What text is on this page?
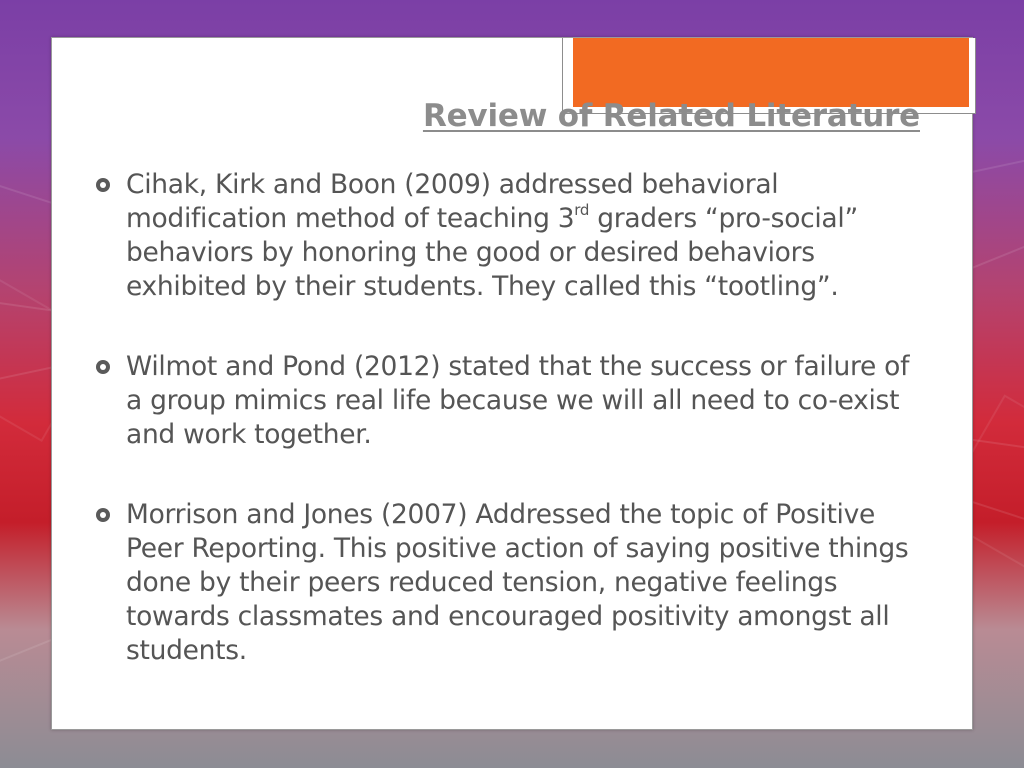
Review of Related Literature
Cihak, Kirk and Boon (2009) addressed behavioral modification method of teaching 3rd graders “pro-social” behaviors by honoring the good or desired behaviors exhibited by their students. They called this “tootling”.
Wilmot and Pond (2012) stated that the success or failure of a group mimics real life because we will all need to co-exist and work together.
Morrison and Jones (2007) Addressed the topic of Positive Peer Reporting. This positive action of saying positive things done by their peers reduced tension, negative feelings towards classmates and encouraged positivity amongst all students.
